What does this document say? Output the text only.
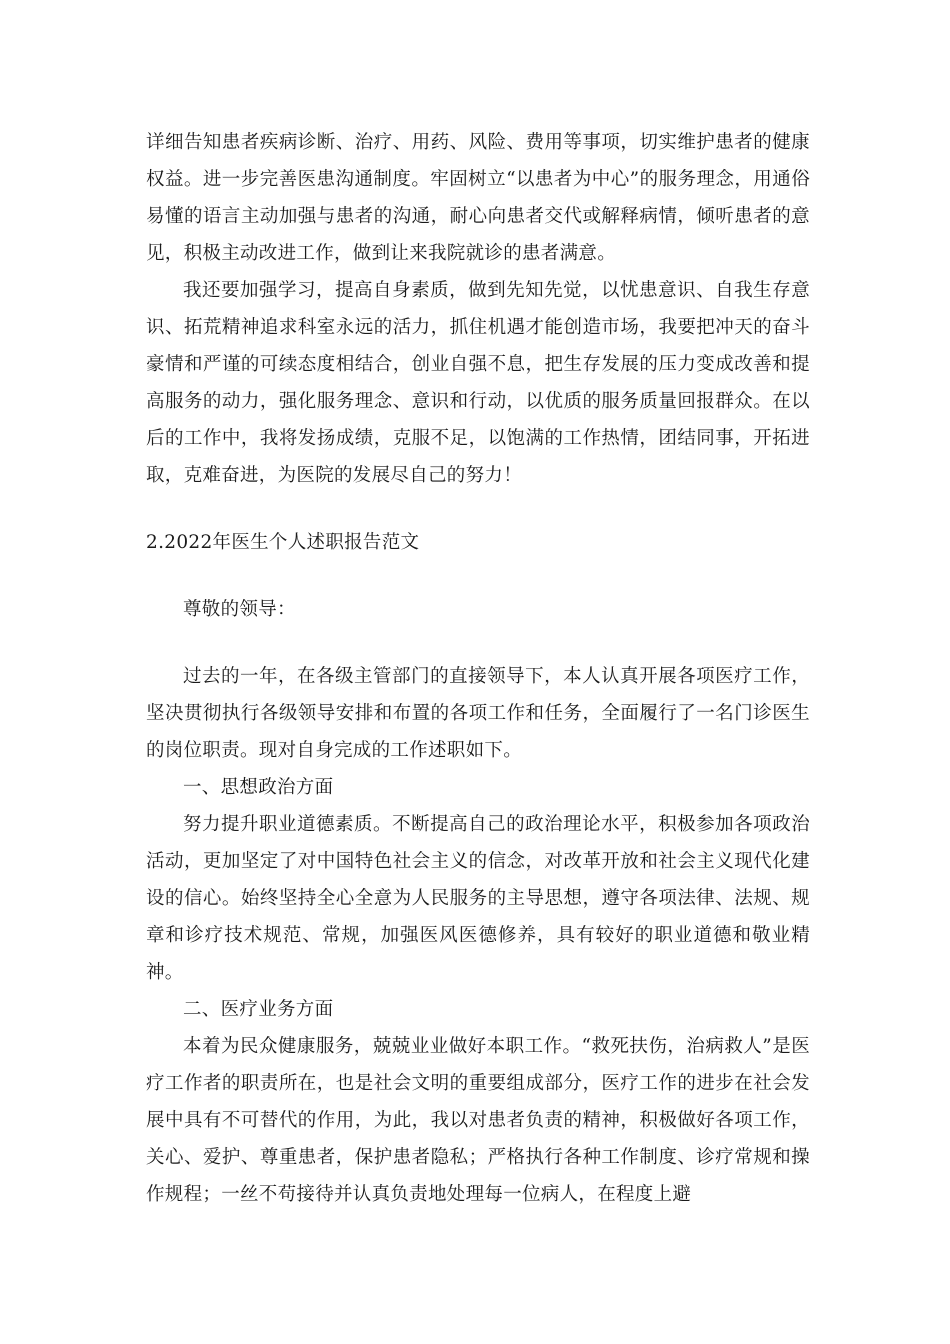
详细告知患者疾病诊断、治疗、用药、风险、费用等事项，切实维护患者的健康权益。进一步完善医患沟通制度。牢固树立“以患者为中心”的服务理念，用通俗易懂的语言主动加强与患者的沟通，耐心向患者交代或解释病情，倾听患者的意见，积极主动改进工作，做到让来我院就诊的患者满意。

我还要加强学习，提高自身素质，做到先知先觉，以忧患意识、自我生存意识、拓荒精神追求科室永远的活力，抓住机遇才能创造市场，我要把冲天的奋斗豪情和严谨的可续态度相结合，创业自强不息，把生存发展的压力变成改善和提高服务的动力，强化服务理念、意识和行动，以优质的服务质量回报群众。在以后的工作中，我将发扬成绩，克服不足，以饱满的工作热情，团结同事，开拓进取，克难奋进，为医院的发展尽自己的努力！

2.2022年医生个人述职报告范文

尊敬的领导：

过去的一年，在各级主管部门的直接领导下，本人认真开展各项医疗工作，坚决贯彻执行各级领导安排和布置的各项工作和任务，全面履行了一名门诊医生的岗位职责。现对自身完成的工作述职如下。

一、思想政治方面

努力提升职业道德素质。不断提高自己的政治理论水平，积极参加各项政治活动，更加坚定了对中国特色社会主义的信念，对改革开放和社会主义现代化建设的信心。始终坚持全心全意为人民服务的主导思想，遵守各项法律、法规、规章和诊疗技术规范、常规，加强医风医德修养，具有较好的职业道德和敬业精神。

二、医疗业务方面

本着为民众健康服务，兢兢业业做好本职工作。“救死扶伤，治病救人”是医疗工作者的职责所在，也是社会文明的重要组成部分，医疗工作的进步在社会发展中具有不可替代的作用，为此，我以对患者负责的精神，积极做好各项工作，关心、爱护、尊重患者，保护患者隐私；严格执行各种工作制度、诊疗常规和操作规程；一丝不苟接待并认真负责地处理每一位病人，在程度上避
